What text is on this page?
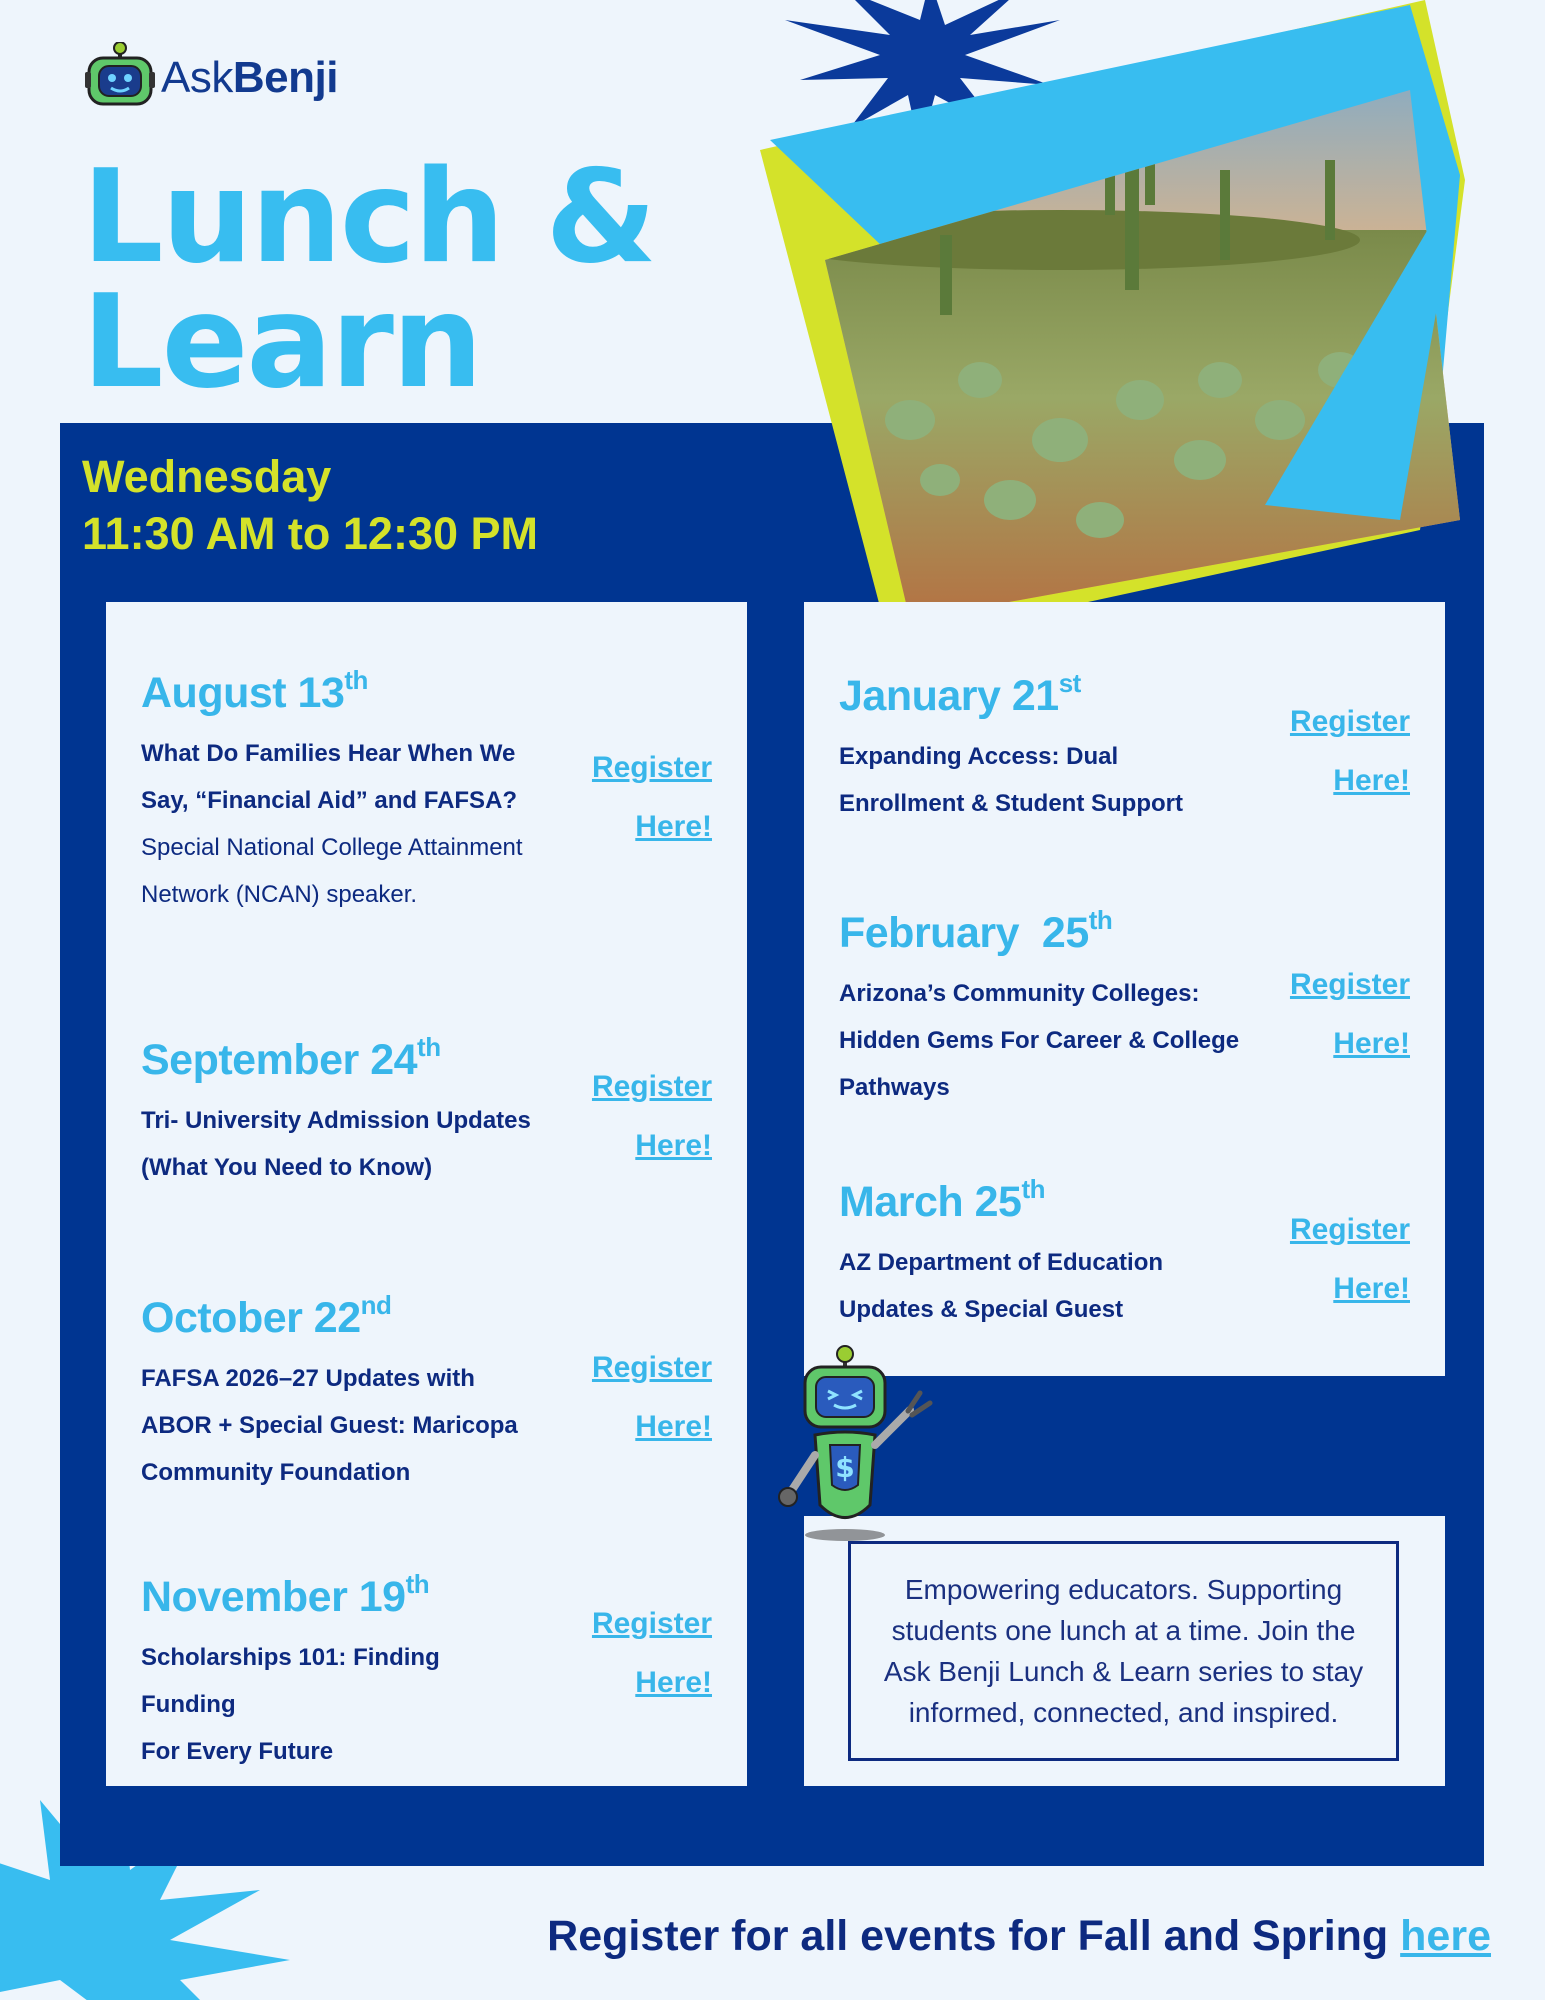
AskBenji
Lunch &
Learn
Wednesday
11:30 AM to 12:30 PM
August 13th
What Do Families Hear When We
Say, “Financial Aid” and FAFSA?
Special National College Attainment
Network (NCAN) speaker.
Register
Here!
September 24th
Tri- University Admission Updates
(What You Need to Know)
Register
Here!
October 22nd
FAFSA 2026–27 Updates with
ABOR + Special Guest: Maricopa
Community Foundation
Register
Here!
November 19th
Scholarships 101: Finding Funding
For Every Future
Register
Here!
January 21st
Expanding Access: Dual
Enrollment & Student Support
Register
Here!
February  25th
Arizona’s Community Colleges:
Hidden Gems For Career & College
Pathways
Register
Here!
March 25th
AZ Department of Education
Updates & Special Guest
Register
Here!
Empowering educators. Supporting students one lunch at a time. Join the Ask Benji Lunch & Learn series to stay informed, connected, and inspired.
$
Register for all events for Fall and Spring here
